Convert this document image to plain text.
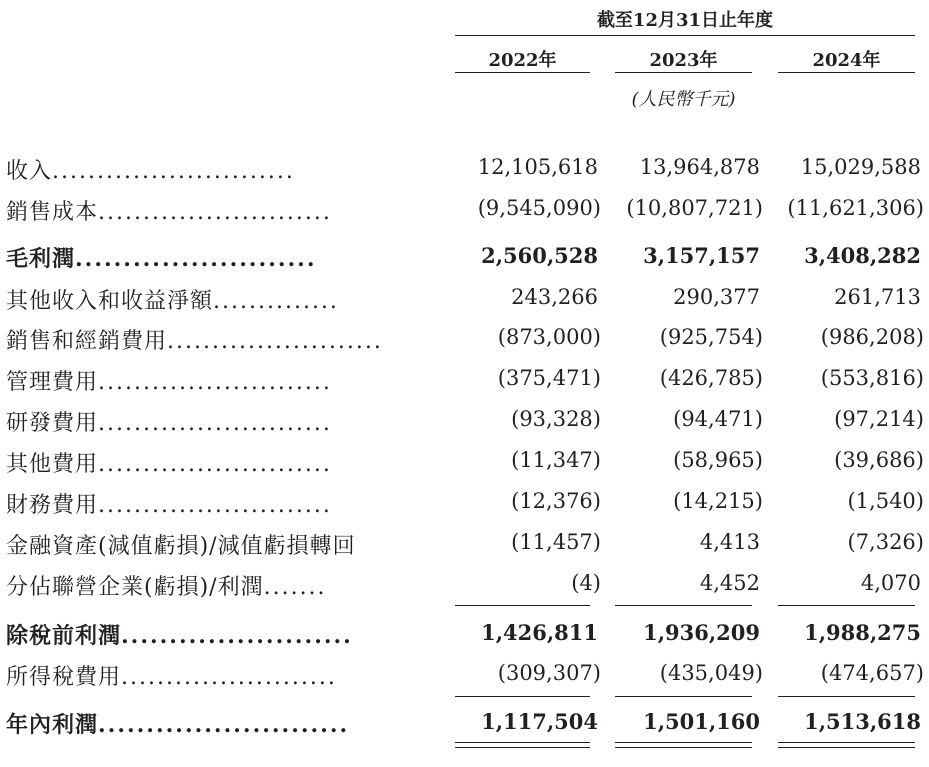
截至12月31日止年度
2022年	2023年	2024年
(人民幣千元)
收入...........................	12,105,618 13,964,878 15,029,588
銷售成本..........................	(9,545,090) (10,807,721) (11,621,306)
毛利潤.........................	2,560,528 3,157,157 3,408,282
其他收入和收益淨額..............	243,266	290,377	261,713
銷售和經銷費用........................	(873,000)	(925,754)	(986,208)
管理費用..........................	(375,471)	(426,785)	(553,816)
研發費用..........................	(93,328)	(94,471)	(97,214)
其他費用..........................	(11,347)	(58,965)	(39,686)
財務費用..........................	(12,376)	(14,215)	(1,540)
金融資產(減值虧損)/減值虧損轉回	(11,457)	4,413	(7,326)
分佔聯營企業(虧損)/利潤.......	(4)	4,452	4,070
除稅前利潤........................	1,426,811 1,936,209 1,988,275
所得稅費用........................	(309,307)	(435,049)	(474,657)
年內利潤..........................	1,117,504 1,501,160 1,513,618
